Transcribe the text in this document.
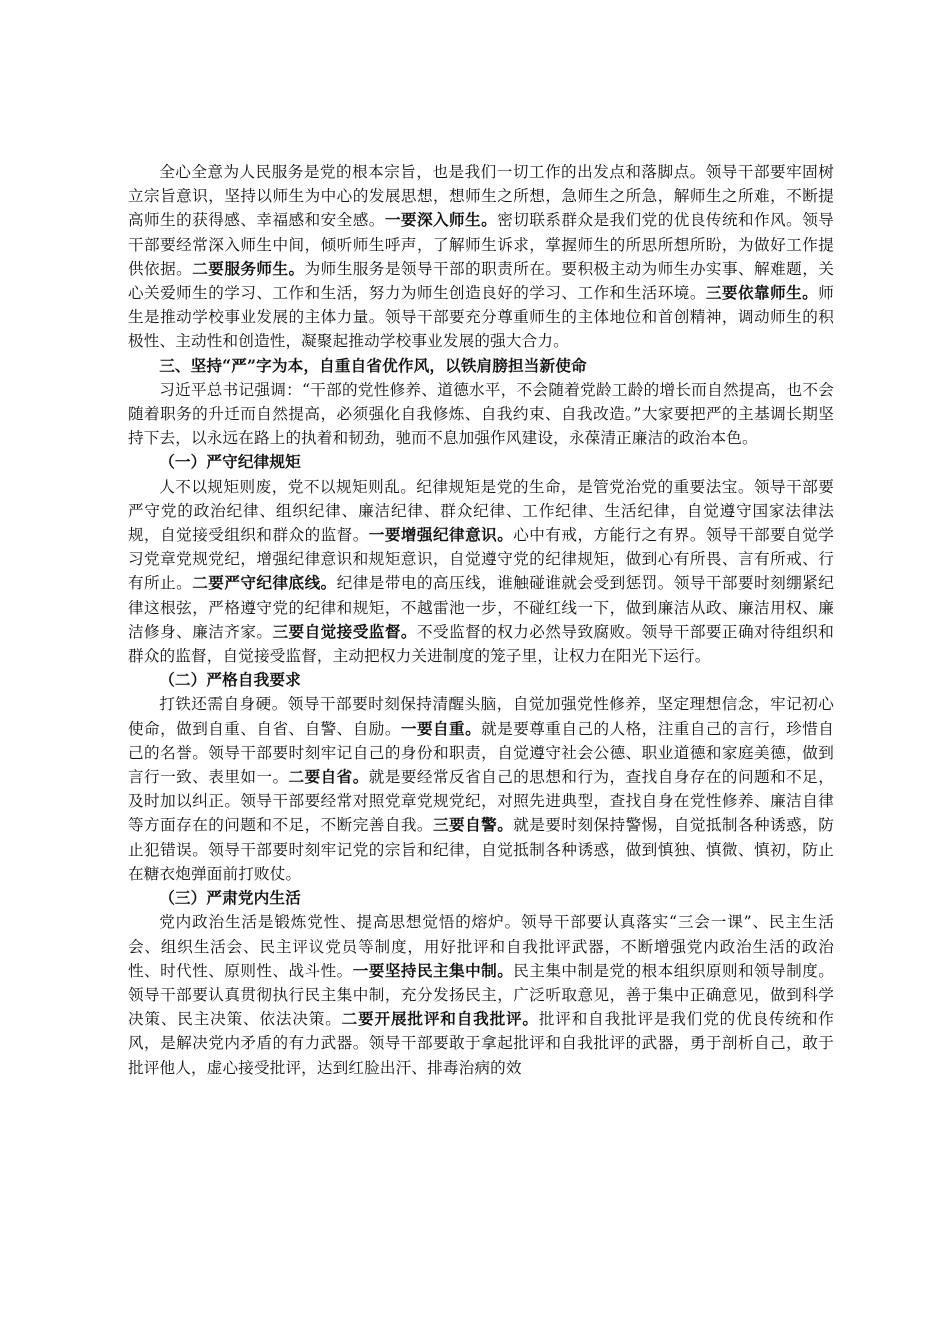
全心全意为人民服务是党的根本宗旨，也是我们一切工作的出发点和落脚点。领导干部要牢固树立宗旨意识，坚持以师生为中心的发展思想，想师生之所想，急师生之所急，解师生之所难，不断提高师生的获得感、幸福感和安全感。一要深入师生。密切联系群众是我们党的优良传统和作风。领导干部要经常深入师生中间，倾听师生呼声，了解师生诉求，掌握师生的所思所想所盼，为做好工作提供依据。二要服务师生。为师生服务是领导干部的职责所在。要积极主动为师生办实事、解难题，关心关爱师生的学习、工作和生活，努力为师生创造良好的学习、工作和生活环境。三要依靠师生。师生是推动学校事业发展的主体力量。领导干部要充分尊重师生的主体地位和首创精神，调动师生的积极性、主动性和创造性，凝聚起推动学校事业发展的强大合力。

三、坚持“严”字为本，自重自省优作风，以铁肩膀担当新使命

习近平总书记强调：“干部的党性修养、道德水平，不会随着党龄工龄的增长而自然提高，也不会随着职务的升迁而自然提高，必须强化自我修炼、自我约束、自我改造。”大家要把严的主基调长期坚持下去，以永远在路上的执着和韧劲，驰而不息加强作风建设，永葆清正廉洁的政治本色。

（一）严守纪律规矩

人不以规矩则废，党不以规矩则乱。纪律规矩是党的生命，是管党治党的重要法宝。领导干部要严守党的政治纪律、组织纪律、廉洁纪律、群众纪律、工作纪律、生活纪律，自觉遵守国家法律法规，自觉接受组织和群众的监督。一要增强纪律意识。心中有戒，方能行之有界。领导干部要自觉学习党章党规党纪，增强纪律意识和规矩意识，自觉遵守党的纪律规矩，做到心有所畏、言有所戒、行有所止。二要严守纪律底线。纪律是带电的高压线，谁触碰谁就会受到惩罚。领导干部要时刻绷紧纪律这根弦，严格遵守党的纪律和规矩，不越雷池一步，不碰红线一下，做到廉洁从政、廉洁用权、廉洁修身、廉洁齐家。三要自觉接受监督。不受监督的权力必然导致腐败。领导干部要正确对待组织和群众的监督，自觉接受监督，主动把权力关进制度的笼子里，让权力在阳光下运行。

（二）严格自我要求

打铁还需自身硬。领导干部要时刻保持清醒头脑，自觉加强党性修养，坚定理想信念，牢记初心使命，做到自重、自省、自警、自励。一要自重。就是要尊重自己的人格，注重自己的言行，珍惜自己的名誉。领导干部要时刻牢记自己的身份和职责，自觉遵守社会公德、职业道德和家庭美德，做到言行一致、表里如一。二要自省。就是要经常反省自己的思想和行为，查找自身存在的问题和不足，及时加以纠正。领导干部要经常对照党章党规党纪，对照先进典型，查找自身在党性修养、廉洁自律等方面存在的问题和不足，不断完善自我。三要自警。就是要时刻保持警惕，自觉抵制各种诱惑，防止犯错误。领导干部要时刻牢记党的宗旨和纪律，自觉抵制各种诱惑，做到慎独、慎微、慎初，防止在糖衣炮弹面前打败仗。

（三）严肃党内生活

党内政治生活是锻炼党性、提高思想觉悟的熔炉。领导干部要认真落实“三会一课”、民主生活会、组织生活会、民主评议党员等制度，用好批评和自我批评武器，不断增强党内政治生活的政治性、时代性、原则性、战斗性。一要坚持民主集中制。民主集中制是党的根本组织原则和领导制度。领导干部要认真贯彻执行民主集中制，充分发扬民主，广泛听取意见，善于集中正确意见，做到科学决策、民主决策、依法决策。二要开展批评和自我批评。批评和自我批评是我们党的优良传统和作风，是解决党内矛盾的有力武器。领导干部要敢于拿起批评和自我批评的武器，勇于剖析自己，敢于批评他人，虚心接受批评，达到红脸出汗、排毒治病的效
